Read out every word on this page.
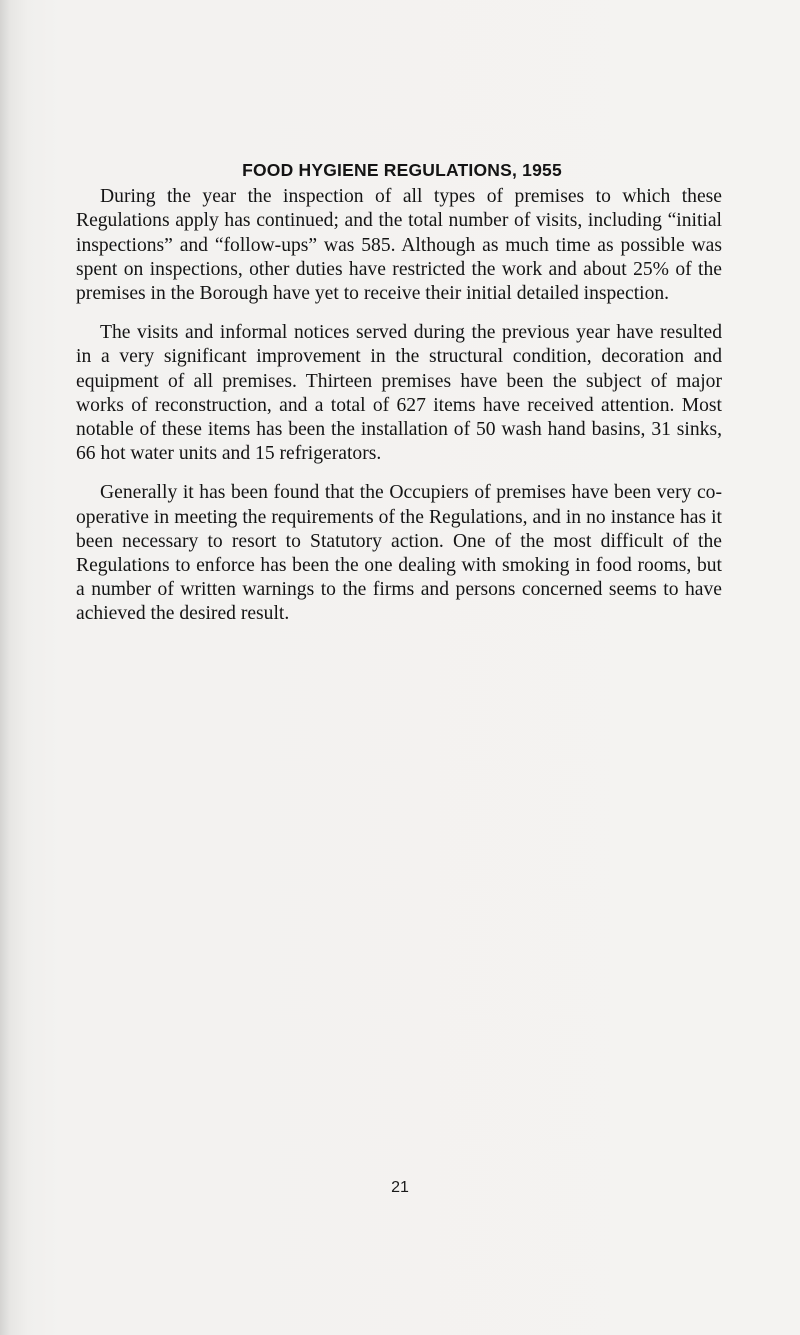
FOOD HYGIENE REGULATIONS, 1955

During the year the inspection of all types of premises to which these Regulations apply has continued; and the total number of visits, including “initial inspections” and “follow-ups” was 585. Although as much time as possible was spent on inspections, other duties have restricted the work and about 25% of the premises in the Borough have yet to receive their initial detailed inspection.

The visits and informal notices served during the previous year have resulted in a very significant improvement in the structural condition, decoration and equipment of all premises. Thirteen premises have been the subject of major works of reconstruction, and a total of 627 items have received attention. Most notable of these items has been the installation of 50 wash hand basins, 31 sinks, 66 hot water units and 15 refrigerators.

Generally it has been found that the Occupiers of premises have been very co-operative in meeting the requirements of the Regulations, and in no instance has it been necessary to resort to Statutory action. One of the most difficult of the Regulations to enforce has been the one dealing with smoking in food rooms, but a number of written warnings to the firms and persons concerned seems to have achieved the desired result.

21
